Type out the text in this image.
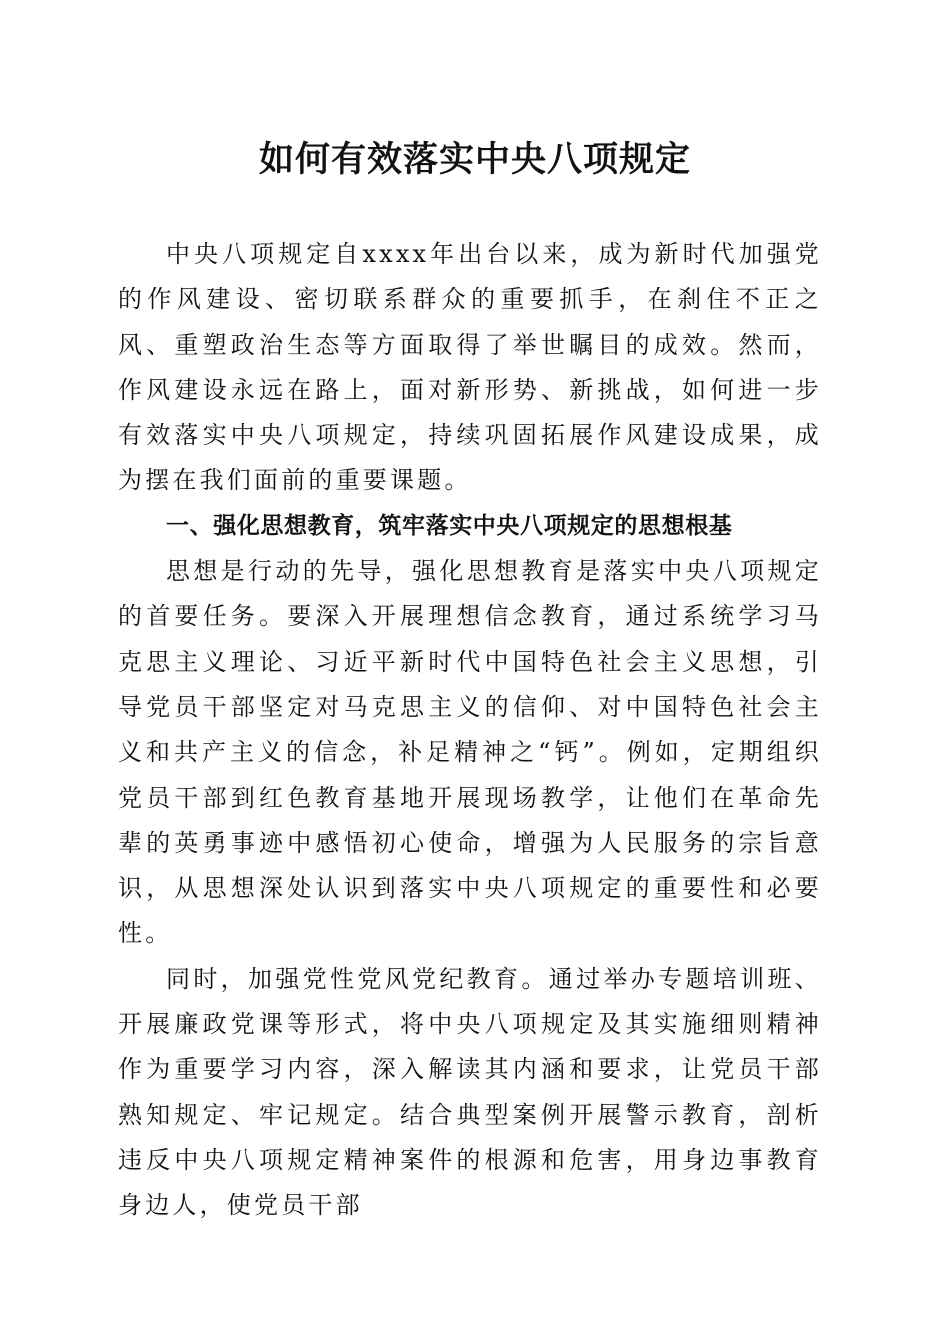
如何有效落实中央八项规定

中央八项规定自xxxx年出台以来，成为新时代加强党的作风建设、密切联系群众的重要抓手，在刹住不正之风、重塑政治生态等方面取得了举世瞩目的成效。然而，作风建设永远在路上，面对新形势、新挑战，如何进一步有效落实中央八项规定，持续巩固拓展作风建设成果，成为摆在我们面前的重要课题。

一、强化思想教育，筑牢落实中央八项规定的思想根基

思想是行动的先导，强化思想教育是落实中央八项规定的首要任务。要深入开展理想信念教育，通过系统学习马克思主义理论、习近平新时代中国特色社会主义思想，引导党员干部坚定对马克思主义的信仰、对中国特色社会主义和共产主义的信念，补足精神之“钙”。例如，定期组织党员干部到红色教育基地开展现场教学，让他们在革命先辈的英勇事迹中感悟初心使命，增强为人民服务的宗旨意识，从思想深处认识到落实中央八项规定的重要性和必要性。

同时，加强党性党风党纪教育。通过举办专题培训班、开展廉政党课等形式，将中央八项规定及其实施细则精神作为重要学习内容，深入解读其内涵和要求，让党员干部熟知规定、牢记规定。结合典型案例开展警示教育，剖析违反中央八项规定精神案件的根源和危害，用身边事教育身边人，使党员干部
